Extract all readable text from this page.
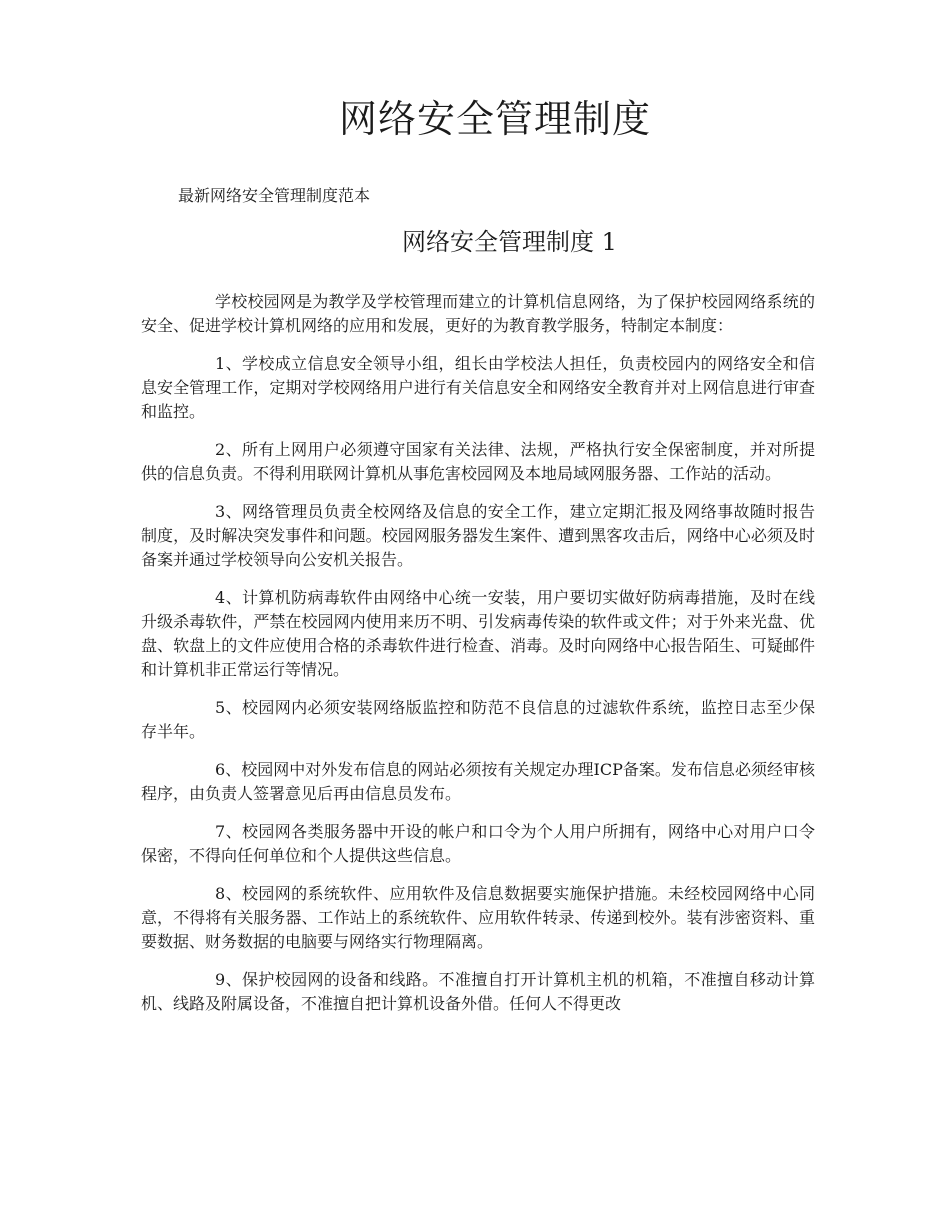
网络安全管理制度

最新网络安全管理制度范本

网络安全管理制度 1

学校校园网是为教学及学校管理而建立的计算机信息网络，为了保护校园网络系统的安全、促进学校计算机网络的应用和发展，更好的为教育教学服务，特制定本制度：

1、学校成立信息安全领导小组，组长由学校法人担任，负责校园内的网络安全和信息安全管理工作，定期对学校网络用户进行有关信息安全和网络安全教育并对上网信息进行审查和监控。

2、所有上网用户必须遵守国家有关法律、法规，严格执行安全保密制度，并对所提供的信息负责。不得利用联网计算机从事危害校园网及本地局域网服务器、工作站的活动。

3、网络管理员负责全校网络及信息的安全工作，建立定期汇报及网络事故随时报告制度，及时解决突发事件和问题。校园网服务器发生案件、遭到黑客攻击后，网络中心必须及时备案并通过学校领导向公安机关报告。

4、计算机防病毒软件由网络中心统一安装，用户要切实做好防病毒措施，及时在线升级杀毒软件，严禁在校园网内使用来历不明、引发病毒传染的软件或文件；对于外来光盘、优盘、软盘上的文件应使用合格的杀毒软件进行检查、消毒。及时向网络中心报告陌生、可疑邮件和计算机非正常运行等情况。

5、校园网内必须安装网络版监控和防范不良信息的过滤软件系统，监控日志至少保存半年。

6、校园网中对外发布信息的网站必须按有关规定办理ICP备案。发布信息必须经审核程序，由负责人签署意见后再由信息员发布。

7、校园网各类服务器中开设的帐户和口令为个人用户所拥有，网络中心对用户口令保密，不得向任何单位和个人提供这些信息。

8、校园网的系统软件、应用软件及信息数据要实施保护措施。未经校园网络中心同意，不得将有关服务器、工作站上的系统软件、应用软件转录、传递到校外。装有涉密资料、重要数据、财务数据的电脑要与网络实行物理隔离。

9、保护校园网的设备和线路。不准擅自打开计算机主机的机箱，不准擅自移动计算机、线路及附属设备，不准擅自把计算机设备外借。任何人不得更改
